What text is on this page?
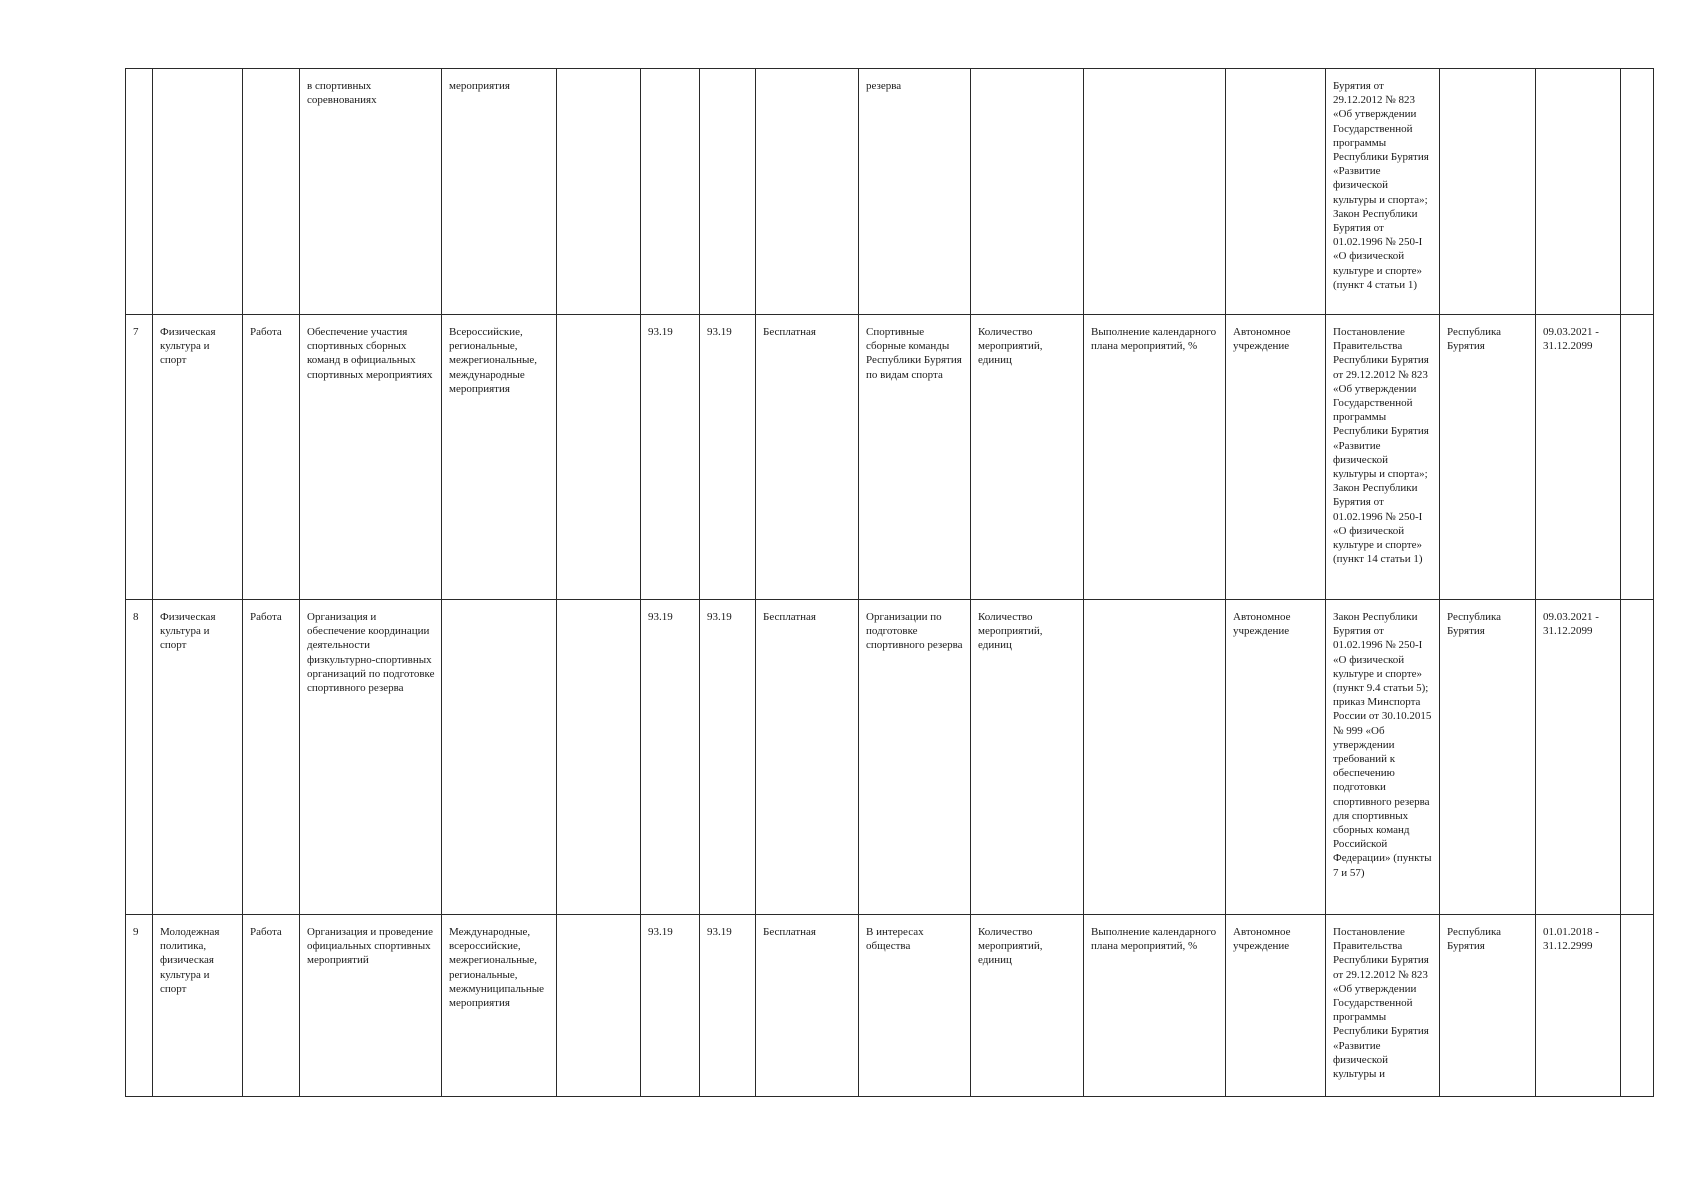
			в спортивных соревнованиях	мероприятия					резерва				Бурятия от 29.12.2012 № 823 «Об утверждении Государственной программы Республики Бурятия «Развитие физической культуры и спорта»; Закон Республики Бурятия от 01.02.1996 № 250-I «О физической культуре и спорте» (пункт 4 статьи 1)			
7	Физическая культура и спорт	Работа	Обеспечение участия спортивных сборных команд в официальных спортивных мероприятиях	Всероссийские, региональные, межрегиональные, международные мероприятия		93.19	93.19	Бесплатная	Спортивные сборные команды Республики Бурятия по видам спорта	Количество мероприятий, единиц	Выполнение календарного плана мероприятий, %	Автономное учреждение	Постановление Правительства Республики Бурятия от 29.12.2012 № 823 «Об утверждении Государственной программы Республики Бурятия «Развитие физической культуры и спорта»; Закон Республики Бурятия от 01.02.1996 № 250-I «О физической культуре и спорте» (пункт 14 статьи 1)	Республика Бурятия	09.03.2021 - 31.12.2099	
8	Физическая культура и спорт	Работа	Организация и обеспечение координации деятельности физкультурно-спортивных организаций по подготовке спортивного резерва			93.19	93.19	Бесплатная	Организации по подготовке спортивного резерва	Количество мероприятий, единиц		Автономное учреждение	Закон Республики Бурятия от 01.02.1996 № 250-I «О физической культуре и спорте» (пункт 9.4 статьи 5); приказ Минспорта России от 30.10.2015 № 999 «Об утверждении требований к обеспечению подготовки спортивного резерва для спортивных сборных команд Российской Федерации» (пункты 7 и 57)	Республика Бурятия	09.03.2021 - 31.12.2099	
9	Молодежная политика, физическая культура и спорт	Работа	Организация и проведение официальных спортивных мероприятий	Международные, всероссийские, межрегиональные, региональные, межмуниципальные мероприятия		93.19	93.19	Бесплатная	В интересах общества	Количество мероприятий, единиц	Выполнение календарного плана мероприятий, %	Автономное учреждение	Постановление Правительства Республики Бурятия от 29.12.2012 № 823 «Об утверждении Государственной программы Республики Бурятия «Развитие физической культуры и	Республика Бурятия	01.01.2018 - 31.12.2999	
